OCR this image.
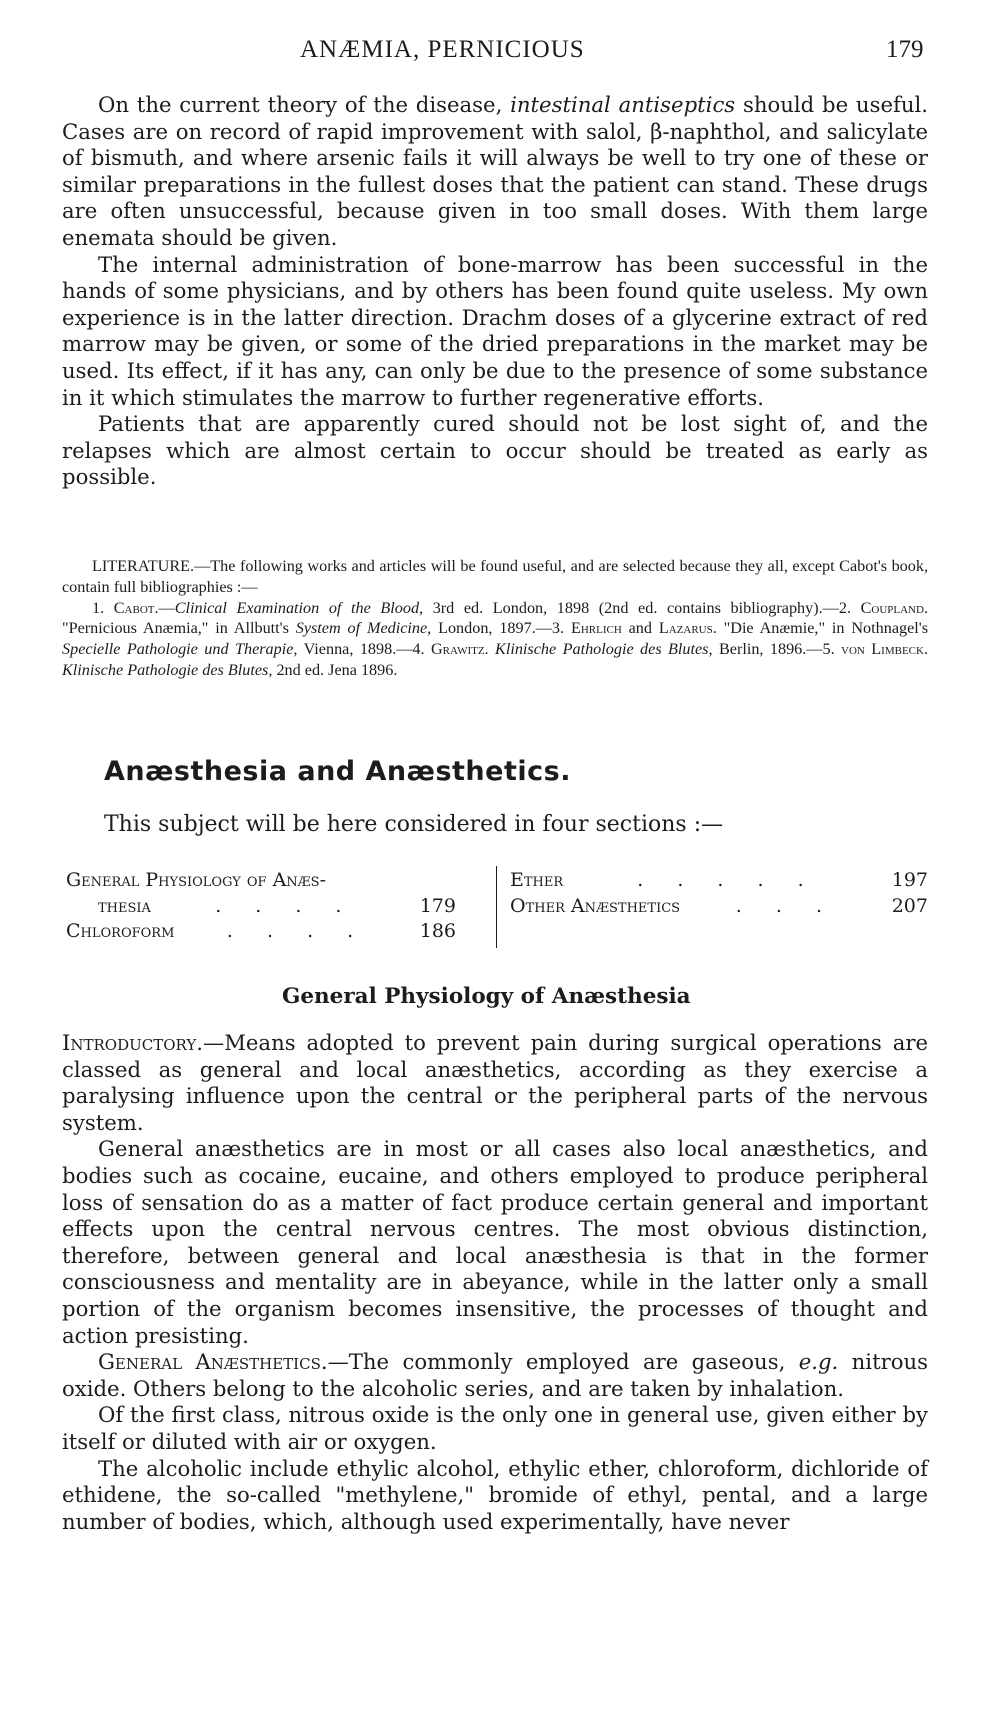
ANÆMIA, PERNICIOUS	179

On the current theory of the disease, intestinal antiseptics should be useful. Cases are on record of rapid improvement with salol, β-naphthol, and salicylate of bismuth, and where arsenic fails it will always be well to try one of these or similar preparations in the fullest doses that the patient can stand. These drugs are often unsuccessful, because given in too small doses. With them large enemata should be given.

The internal administration of bone-marrow has been successful in the hands of some physicians, and by others has been found quite useless. My own experience is in the latter direction. Drachm doses of a glycerine extract of red marrow may be given, or some of the dried preparations in the market may be used. Its effect, if it has any, can only be due to the presence of some substance in it which stimulates the marrow to further regenerative efforts.

Patients that are apparently cured should not be lost sight of, and the relapses which are almost certain to occur should be treated as early as possible.

LITERATURE.—The following works and articles will be found useful, and are selected because they all, except Cabot's book, contain full bibliographies :—

1. Cabot.—Clinical Examination of the Blood, 3rd ed. London, 1898 (2nd ed. contains bibliography).—2. Coupland. "Pernicious Anæmia," in Allbutt's System of Medicine, London, 1897.—3. Ehrlich and Lazarus. "Die Anæmie," in Nothnagel's Specielle Pathologie und Therapie, Vienna, 1898.—4. Grawitz. Klinische Pathologie des Blutes, Berlin, 1896.—5. von Limbeck. Klinische Pathologie des Blutes, 2nd ed. Jena 1896.

Anæsthesia and Anæsthetics.
This subject will be here considered in four sections :—
General Physiology of Anæs-
thesia	. . . .	179
Chloroform	. . . .	186
Ether	. . . . .	197
Other Anæsthetics	. . .	207
General Physiology of Anæsthesia

Introductory.—Means adopted to prevent pain during surgical operations are classed as general and local anæsthetics, according as they exercise a paralysing influence upon the central or the peripheral parts of the nervous system.

General anæsthetics are in most or all cases also local anæsthetics, and bodies such as cocaine, eucaine, and others employed to produce peripheral loss of sensation do as a matter of fact produce certain general and important effects upon the central nervous centres. The most obvious distinction, therefore, between general and local anæsthesia is that in the former consciousness and mentality are in abeyance, while in the latter only a small portion of the organism becomes insensitive, the processes of thought and action presisting.

General Anæsthetics.—The commonly employed are gaseous, e.g. nitrous oxide. Others belong to the alcoholic series, and are taken by inhalation.

Of the first class, nitrous oxide is the only one in general use, given either by itself or diluted with air or oxygen.

The alcoholic include ethylic alcohol, ethylic ether, chloroform, dichloride of ethidene, the so-called "methylene," bromide of ethyl, pental, and a large number of bodies, which, although used experimentally, have never
